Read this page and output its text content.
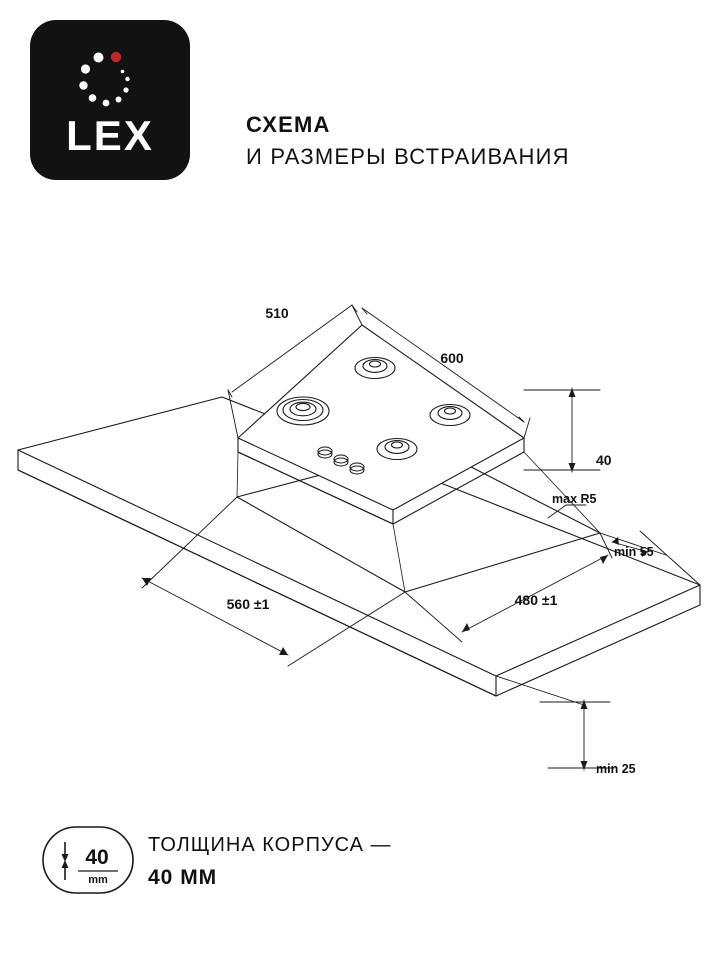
LEX	СХЕМА
И РАЗМЕРЫ ВСТРАИВАНИЯ
510
600
40
560 ±1	480 ±1
max R5
min 55
min 25
40
mm
ТОЛЩИНА КОРПУСА —
40 ММ
